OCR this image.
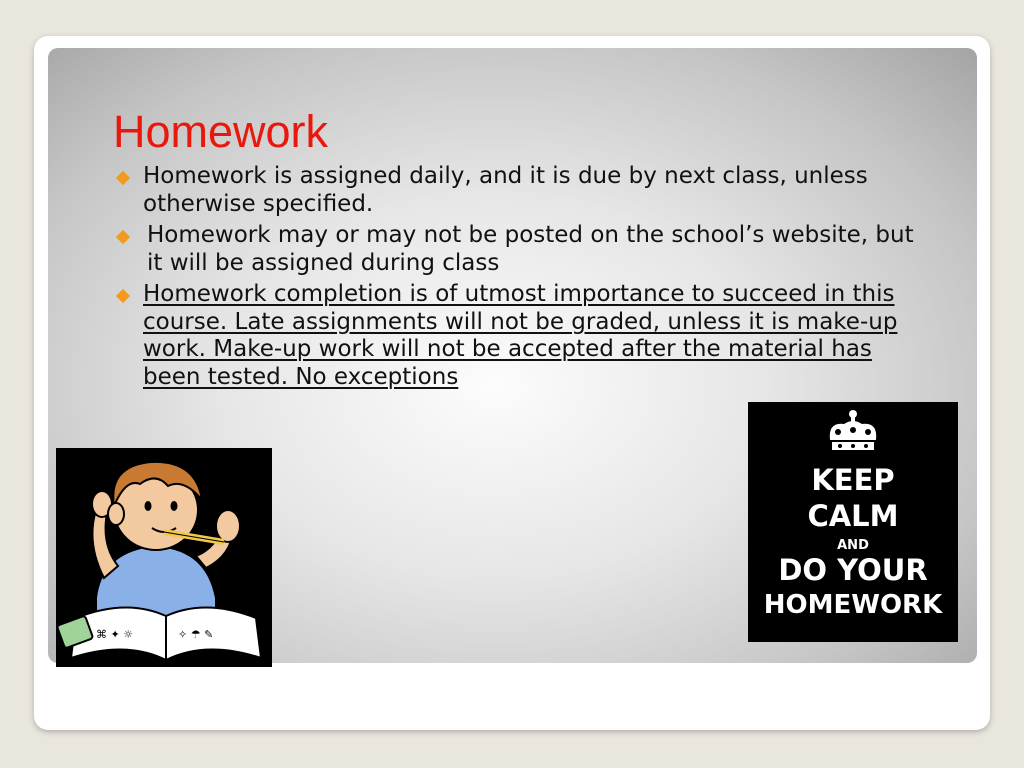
Homework
Homework is assigned daily, and it is due by next class, unless otherwise specified.
Homework may or may not be posted on the school’s website, but it will be assigned during class
Homework completion is of utmost importance to succeed in this course. Late assignments will not be graded, unless it is make-up work. Make-up work will not be accepted after the material has been tested. No exceptions
⌘ ✦ ☼	✧ ☂ ✎
KEEP
CALM
AND
DO YOUR
HOMEWORK
